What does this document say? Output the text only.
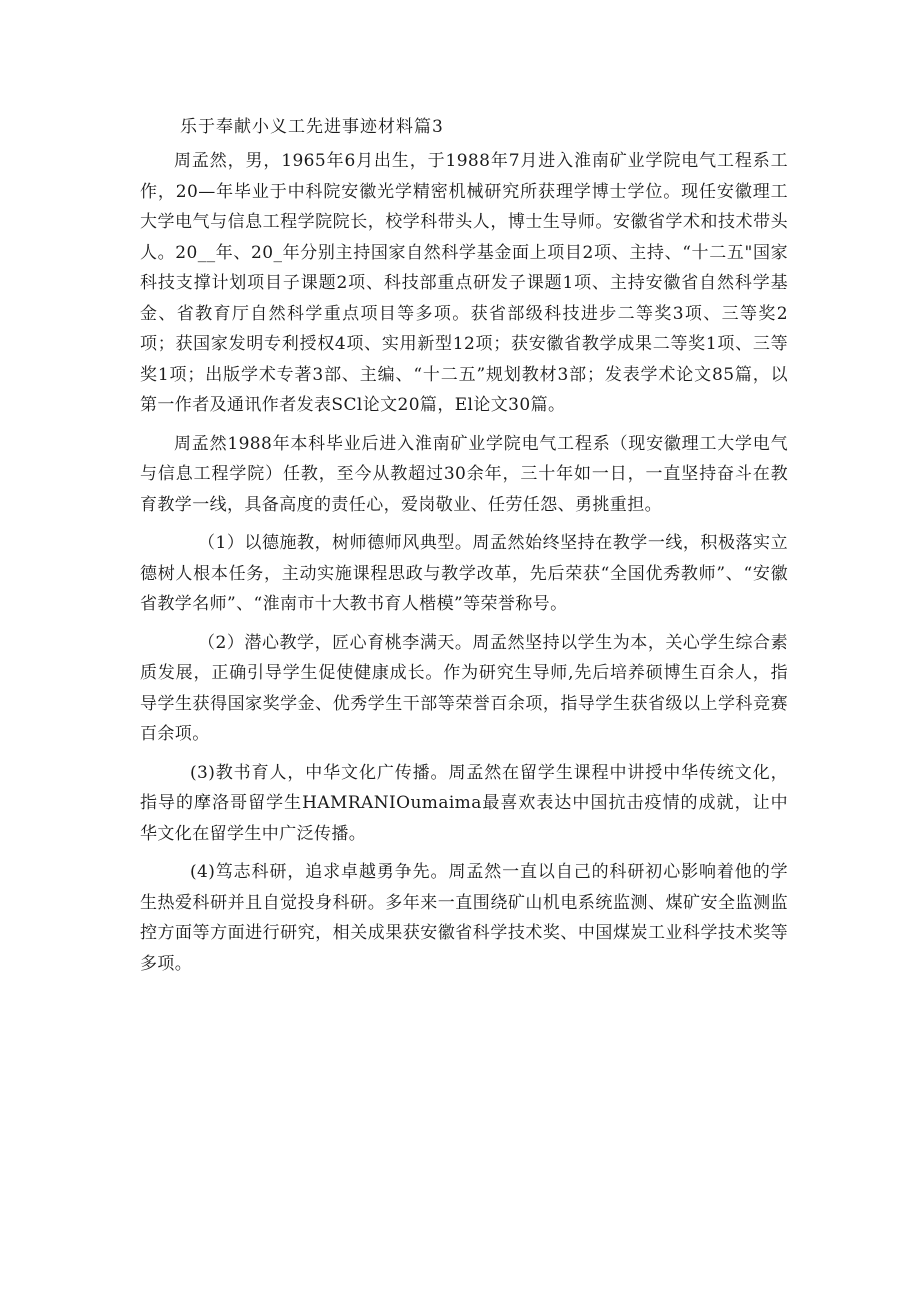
乐于奉献小义工先进事迹材料篇3

周孟然，男，1965年6月出生，于1988年7月进入淮南矿业学院电气工程系工作，20—年毕业于中科院安徽光学精密机械研究所获理学博士学位。现任安徽理工大学电气与信息工程学院院长，校学科带头人，博士生导师。安徽省学术和技术带头人。20__年、20_年分别主持国家自然科学基金面上项目2项、主持、“十二五"国家科技支撑计划项目子课题2项、科技部重点研发子课题1项、主持安徽省自然科学基金、省教育厅自然科学重点项目等多项。获省部级科技进步二等奖3项、三等奖2项；获国家发明专利授权4项、实用新型12项；获安徽省教学成果二等奖1项、三等奖1项；出版学术专著3部、主编、“十二五”规划教材3部；发表学术论文85篇，以第一作者及通讯作者发表SCl论文20篇，El论文30篇。

周孟然1988年本科毕业后进入淮南矿业学院电气工程系（现安徽理工大学电气与信息工程学院）任教，至今从教超过30余年，三十年如一日，一直坚持奋斗在教育教学一线，具备高度的责任心，爱岗敬业、任劳任怨、勇挑重担。

（1）以德施教，树师德师风典型。周孟然始终坚持在教学一线，积极落实立德树人根本任务，主动实施课程思政与教学改革，先后荣获“全国优秀教师”、“安徽省教学名师”、“淮南市十大教书育人楷模”等荣誉称号。

（2）潜心教学，匠心育桃李满天。周孟然坚持以学生为本，关心学生综合素质发展，正确引导学生促使健康成长。作为研究生导师,先后培养硕博生百余人，指导学生获得国家奖学金、优秀学生干部等荣誉百余项，指导学生获省级以上学科竞赛百余项。

(3)教书育人，中华文化广传播。周孟然在留学生课程中讲授中华传统文化，指导的摩洛哥留学生HAMRANIOumaima最喜欢表达中国抗击疫情的成就，让中华文化在留学生中广泛传播。

(4)笃志科研，追求卓越勇争先。周孟然一直以自己的科研初心影响着他的学生热爱科研并且自觉投身科研。多年来一直围绕矿山机电系统监测、煤矿安全监测监控方面等方面进行研究，相关成果获安徽省科学技术奖、中国煤炭工业科学技术奖等多项。
